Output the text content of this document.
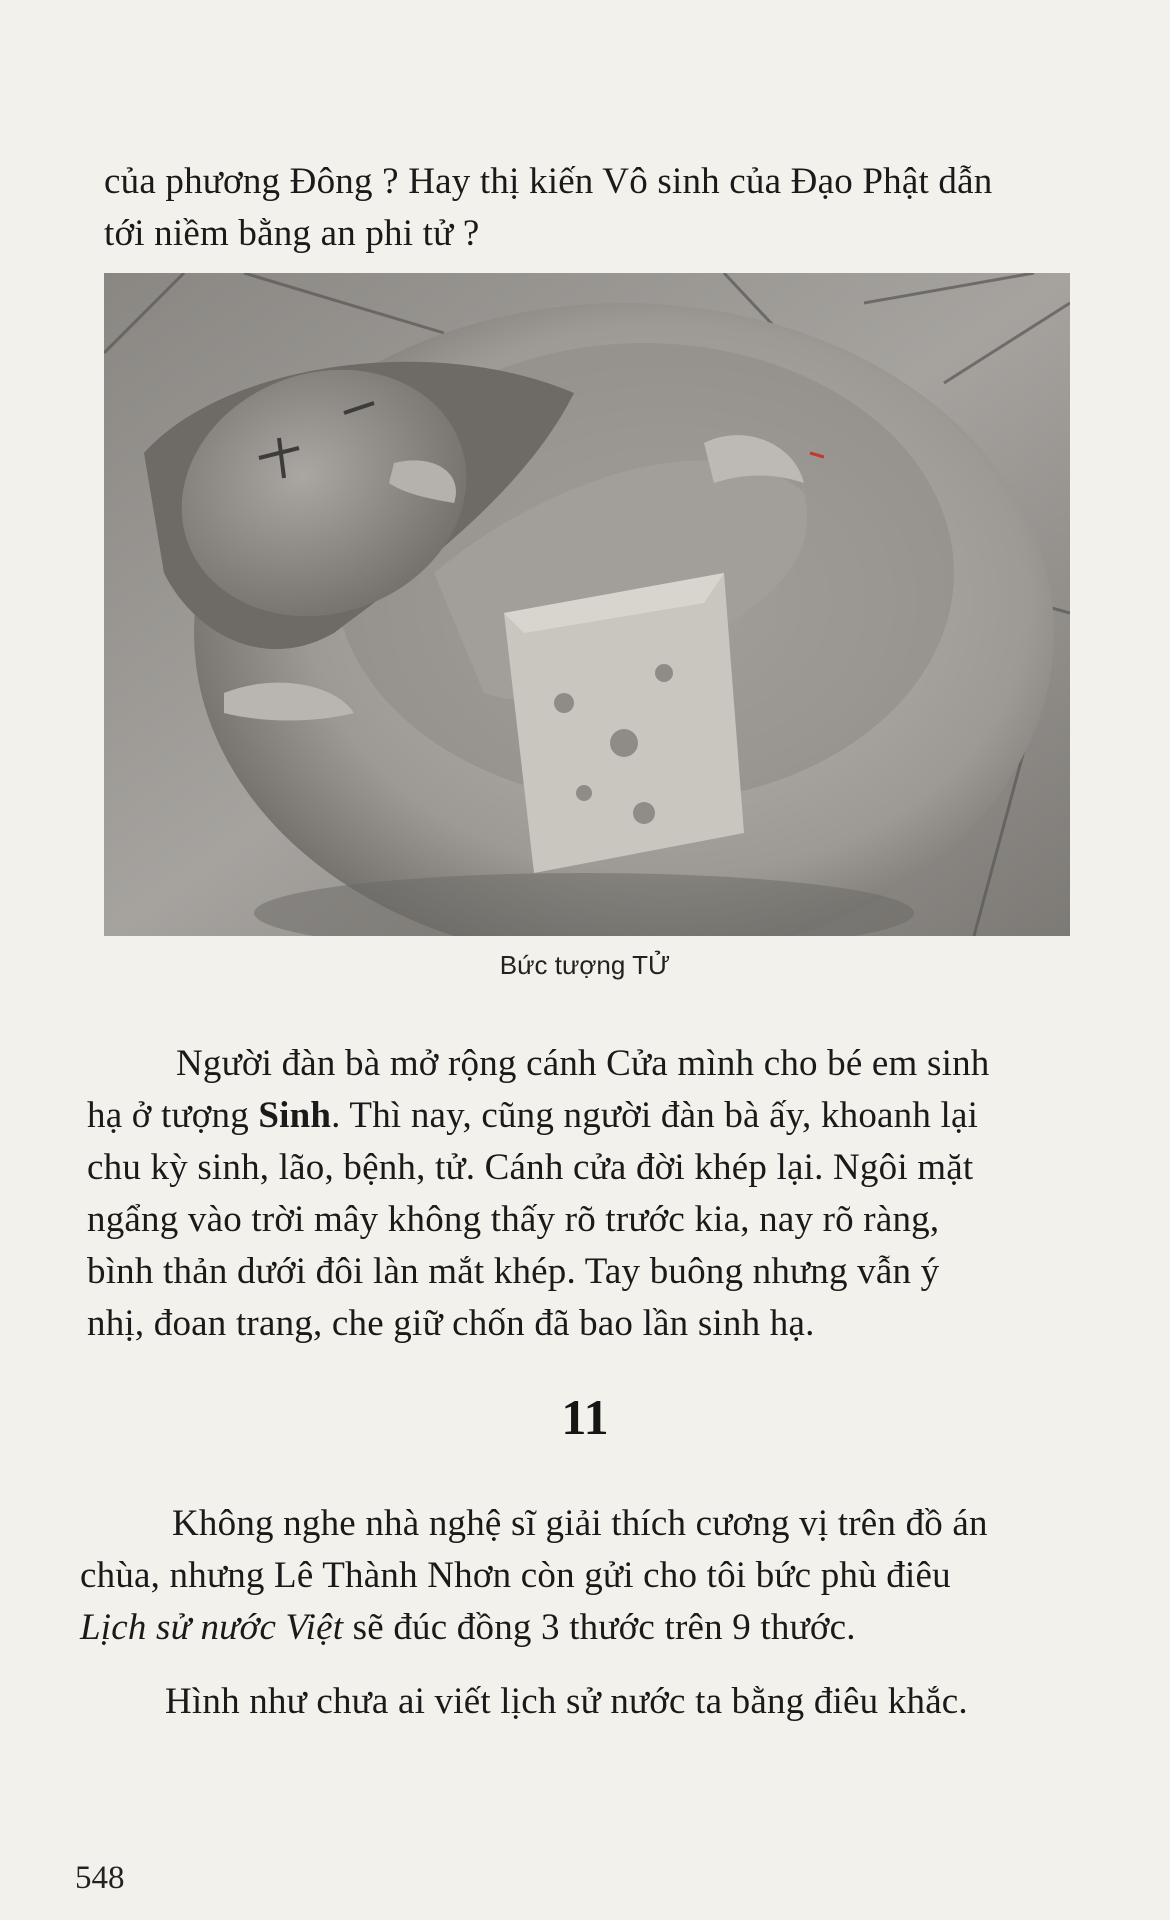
của phương Đông ? Hay thị kiến Vô sinh của Đạo Phật dẫn
tới niềm bằng an phi tử ?
Bức tượng TỬ
Người đàn bà mở rộng cánh Cửa mình cho bé em sinh
hạ ở tượng Sinh. Thì nay, cũng người đàn bà ấy, khoanh lại
chu kỳ sinh, lão, bệnh, tử. Cánh cửa đời khép lại. Ngôi mặt
ngẩng vào trời mây không thấy rõ trước kia, nay rõ ràng,
bình thản dưới đôi làn mắt khép. Tay buông nhưng vẫn ý
nhị, đoan trang, che giữ chốn đã bao lần sinh hạ.
11
Không nghe nhà nghệ sĩ giải thích cương vị trên đồ án
chùa, nhưng Lê Thành Nhơn còn gửi cho tôi bức phù điêu
Lịch sử nước Việt sẽ đúc đồng 3 thước trên 9 thước.
Hình như chưa ai viết lịch sử nước ta bằng điêu khắc.
548
